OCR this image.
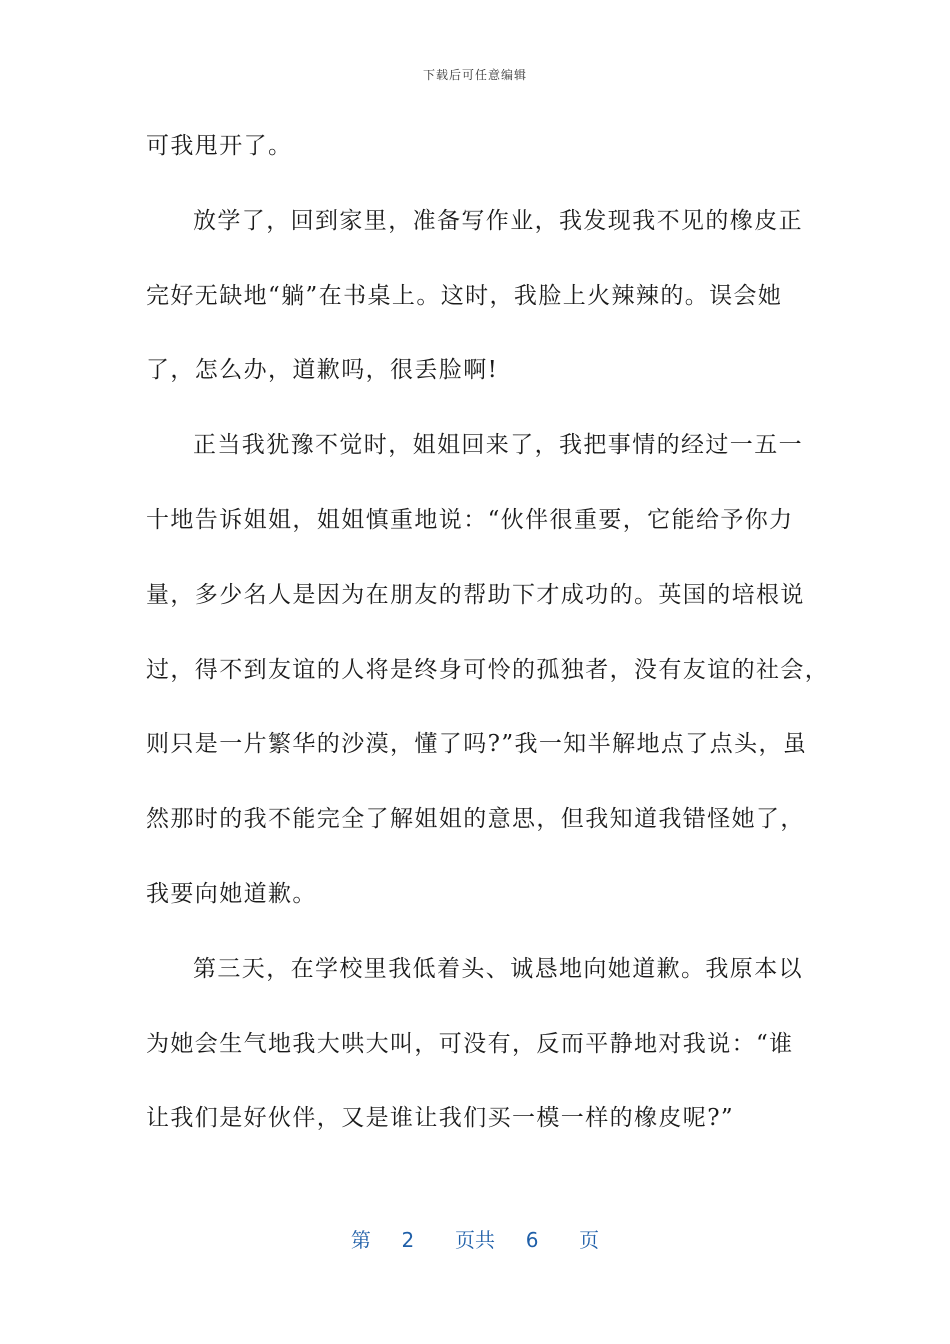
下载后可任意编辑
可我甩开了。
放学了，回到家里，准备写作业，我发现我不见的橡皮正
完好无缺地“躺”在书桌上。这时，我脸上火辣辣的。误会她
了，怎么办，道歉吗，很丢脸啊!
正当我犹豫不觉时，姐姐回来了，我把事情的经过一五一
十地告诉姐姐，姐姐慎重地说：“伙伴很重要，它能给予你力
量，多少名人是因为在朋友的帮助下才成功的。英国的培根说
过，得不到友谊的人将是终身可怜的孤独者，没有友谊的社会，
则只是一片繁华的沙漠，懂了吗?”我一知半解地点了点头，虽
然那时的我不能完全了解姐姐的意思，但我知道我错怪她了，
我要向她道歉。
第三天，在学校里我低着头、诚恳地向她道歉。我原本以
为她会生气地我大哄大叫，可没有，反而平静地对我说：“谁
让我们是好伙伴，又是谁让我们买一模一样的橡皮呢?”
第 2 页共 6 页
